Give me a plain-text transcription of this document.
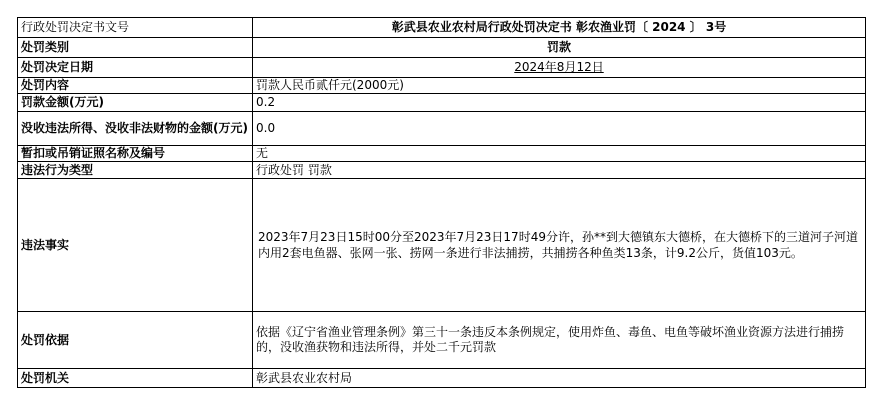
行政处罚决定书文号	彰武县农业农村局行政处罚决定书 彰农渔业罚〔 2024 〕 3号
处罚类别	罚款
处罚决定日期	2024年8月12日
处罚内容	罚款人民币贰仟元(2000元)
罚款金额(万元)	0.2
没收违法所得、没收非法财物的金额(万元)	0.0
暂扣或吊销证照名称及编号	无
违法行为类型	行政处罚 罚款
违法事实	2023年7月23日15时00分至2023年7月23日17时49分许，孙**到大德镇东大德桥，在大德桥下的三道河子河道内用2套电鱼器、张网一张、捞网一条进行非法捕捞，共捕捞各种鱼类13条，计9.2公斤，货值103元。

处罚依据	依据《辽宁省渔业管理条例》第三十一条违反本条例规定，使用炸鱼、毒鱼、电鱼等破坏渔业资源方法进行捕捞的，没收渔获物和违法所得，并处二千元罚款
处罚机关	彰武县农业农村局
